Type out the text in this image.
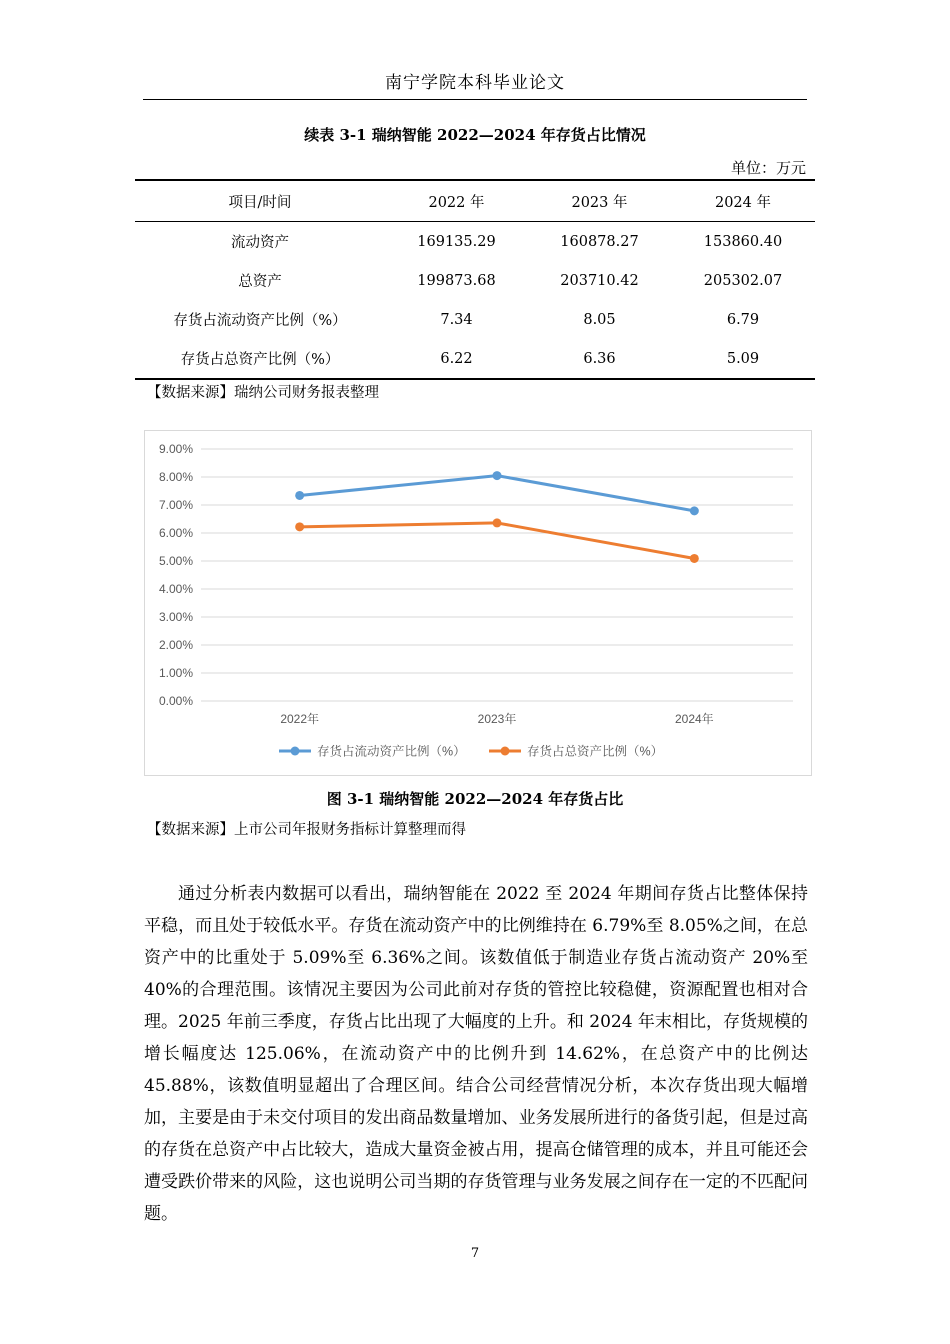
南宁学院本科毕业论文
续表 3-1 瑞纳智能 2022—2024 年存货占比情况
单位：万元
项目/时间	2022 年	2023 年	2024 年
流动资产	169135.29	160878.27	153860.40
总资产	199873.68	203710.42	205302.07
存货占流动资产比例（%）	7.34	8.05	6.79
存货占总资产比例（%）	6.22	6.36	5.09
【数据来源】瑞纳公司财务报表整理
0.00%
1.00%
2.00%
3.00%
4.00%
5.00%
6.00%
7.00%
8.00%
9.00%
2022年	2023年	2024年
存货占流动资产比例（%）	存货占总资产比例（%）
图 3-1 瑞纳智能 2022—2024 年存货占比
【数据来源】上市公司年报财务指标计算整理而得

通过分析表内数据可以看出，瑞纳智能在 2022 至 2024 年期间存货占比整体保持平稳，而且处于较低水平。存货在流动资产中的比例维持在 6.79%至 8.05%之间，在总资产中的比重处于 5.09%至 6.36%之间。该数值低于制造业存货占流动资产 20%至 40%的合理范围。该情况主要因为公司此前对存货的管控比较稳健，资源配置也相对合理。2025 年前三季度，存货占比出现了大幅度的上升。和 2024 年末相比，存货规模的增长幅度达 125.06%，在流动资产中的比例升到 14.62%，在总资产中的比例达 45.88%，该数值明显超出了合理区间。结合公司经营情况分析，本次存货出现大幅增加，主要是由于未交付项目的发出商品数量增加、业务发展所进行的备货引起，但是过高的存货在总资产中占比较大，造成大量资金被占用，提高仓储管理的成本，并且可能还会遭受跌价带来的风险，这也说明公司当期的存货管理与业务发展之间存在一定的不匹配问题。

7
